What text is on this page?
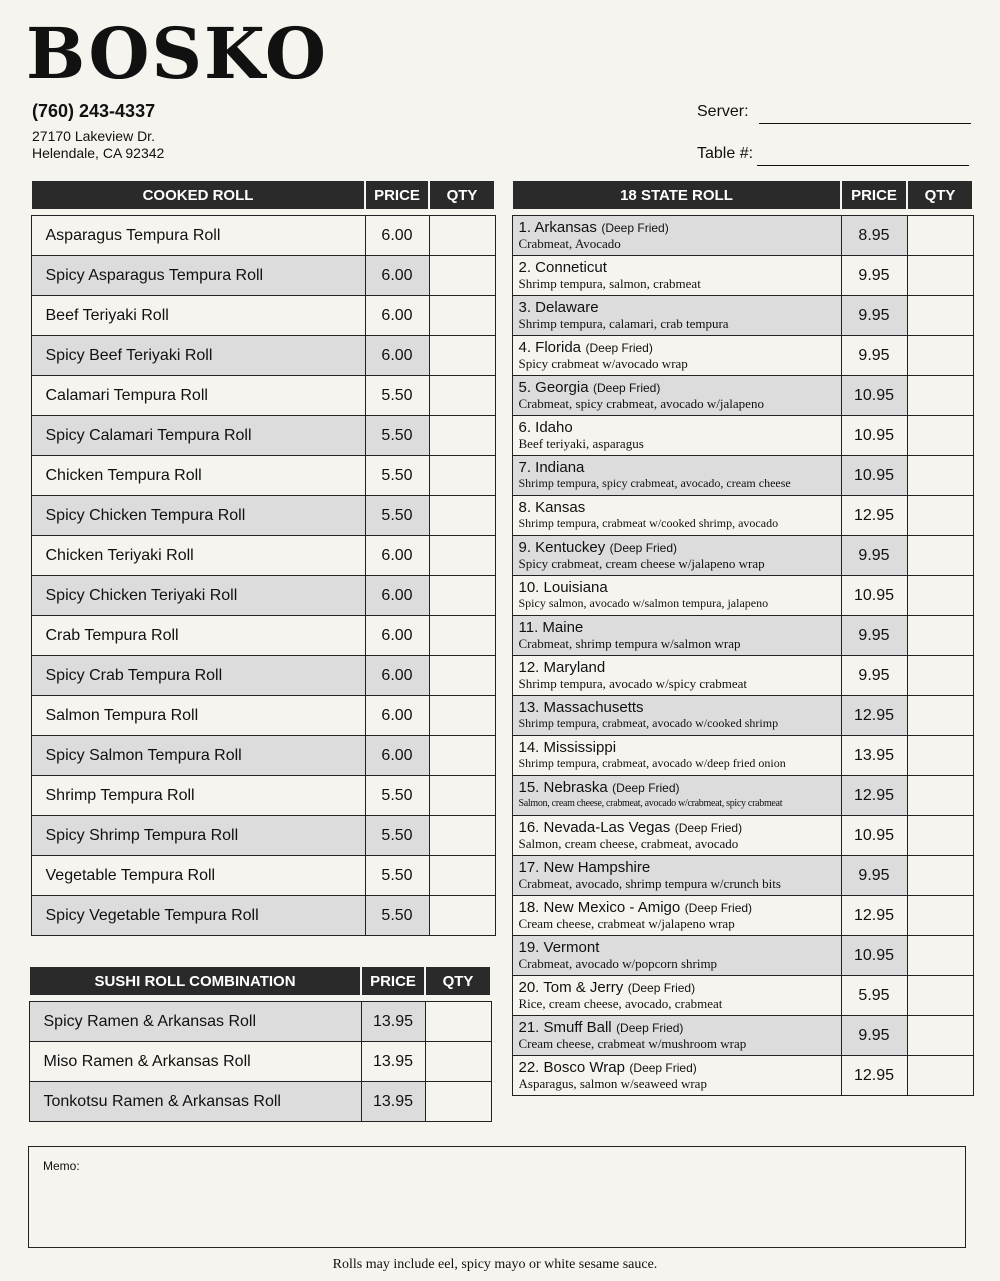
BOSKO
(760) 243-4337
27170 Lakeview Dr.
Helendale, CA 92342
Server:
Table #:
COOKED ROLL	PRICE	QTY

Asparagus Tempura Roll	6.00	
Spicy Asparagus Tempura Roll	6.00	
Beef Teriyaki Roll	6.00	
Spicy Beef Teriyaki Roll	6.00	
Calamari Tempura Roll	5.50	
Spicy Calamari Tempura Roll	5.50	
Chicken Tempura Roll	5.50	
Spicy Chicken Tempura Roll	5.50	
Chicken Teriyaki Roll	6.00	
Spicy Chicken Teriyaki Roll	6.00	
Crab Tempura Roll	6.00	
Spicy Crab Tempura Roll	6.00	
Salmon Tempura Roll	6.00	
Spicy Salmon Tempura Roll	6.00	
Shrimp Tempura Roll	5.50	
Spicy Shrimp Tempura Roll	5.50	
Vegetable Tempura Roll	5.50	
Spicy Vegetable Tempura Roll	5.50	
SUSHI ROLL COMBINATION	PRICE	QTY

Spicy Ramen & Arkansas Roll	13.95	
Miso Ramen & Arkansas Roll	13.95	
Tonkotsu Ramen & Arkansas Roll	13.95	
18 STATE ROLL	PRICE	QTY

1. Arkansas (Deep Fried)
Crabmeat, Avocado	8.95	
2. Conneticut
Shrimp tempura, salmon, crabmeat	9.95	
3. Delaware
Shrimp tempura, calamari, crab tempura	9.95	
4. Florida (Deep Fried)
Spicy crabmeat w/avocado wrap	9.95	
5. Georgia (Deep Fried)
Crabmeat, spicy crabmeat, avocado w/jalapeno	10.95	
6. Idaho
Beef teriyaki, asparagus	10.95	
7. Indiana
Shrimp tempura, spicy crabmeat, avocado, cream cheese	10.95	
8. Kansas
Shrimp tempura, crabmeat w/cooked shrimp, avocado	12.95	
9. Kentuckey (Deep Fried)
Spicy crabmeat, cream cheese w/jalapeno wrap	9.95	
10. Louisiana
Spicy salmon, avocado w/salmon tempura, jalapeno	10.95	
11. Maine
Crabmeat, shrimp tempura w/salmon wrap	9.95	
12. Maryland
Shrimp tempura, avocado w/spicy crabmeat	9.95	
13. Massachusetts
Shrimp tempura, crabmeat, avocado w/cooked shrimp	12.95	
14. Mississippi
Shrimp tempura, crabmeat, avocado w/deep fried onion	13.95	
15. Nebraska (Deep Fried)
Salmon, cream cheese, crabmeat, avocado w/crabmeat, spicy crabmeat	12.95	
16. Nevada-Las Vegas (Deep Fried)
Salmon, cream cheese, crabmeat, avocado	10.95	
17. New Hampshire
Crabmeat, avocado, shrimp tempura w/crunch bits	9.95	
18. New Mexico - Amigo (Deep Fried)
Cream cheese, crabmeat w/jalapeno wrap	12.95	
19. Vermont
Crabmeat, avocado w/popcorn shrimp	10.95	
20. Tom & Jerry (Deep Fried)
Rice, cream cheese, avocado, crabmeat	5.95	
21. Smuff Ball (Deep Fried)
Cream cheese, crabmeat w/mushroom wrap	9.95	
22. Bosco Wrap (Deep Fried)
Asparagus, salmon w/seaweed wrap	12.95	
Memo:
Rolls may include eel, spicy mayo or white sesame sauce.
